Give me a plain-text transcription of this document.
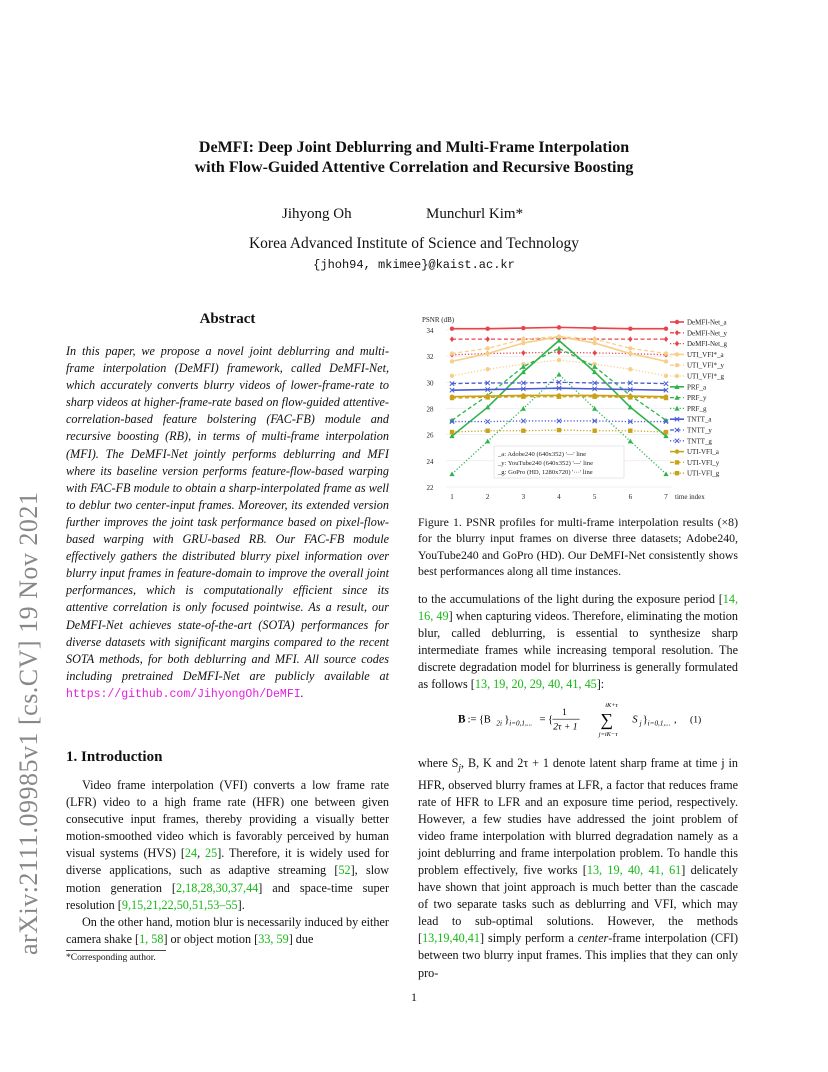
arXiv:2111.09985v1 [cs.CV] 19 Nov 2021
DeMFI: Deep Joint Deblurring and Multi-Frame Interpolation
with Flow-Guided Attentive Correlation and Recursive Boosting
Jihyong Oh	Munchurl Kim*
Korea Advanced Institute of Science and Technology
{jhoh94, mkimee}@kaist.ac.kr
Abstract
In this paper, we propose a novel joint deblurring and multi-frame interpolation (DeMFI) framework, called DeMFI-Net, which accurately converts blurry videos of lower-frame-rate to sharp videos at higher-frame-rate based on flow-guided attentive-correlation-based feature bolstering (FAC-FB) module and recursive boosting (RB), in terms of multi-frame interpolation (MFI). The DeMFI-Net jointly performs deblurring and MFI where its baseline version performs feature-flow-based warping with FAC-FB module to obtain a sharp-interpolated frame as well to deblur two center-input frames. Moreover, its extended version further improves the joint task performance based on pixel-flow-based warping with GRU-based RB. Our FAC-FB module effectively gathers the distributed blurry pixel information over blurry input frames in feature-domain to improve the overall joint performances, which is computationally efficient since its attentive correlation is only focused pointwise. As a result, our DeMFI-Net achieves state-of-the-art (SOTA) performances for diverse datasets with significant margins compared to the recent SOTA methods, for both deblurring and MFI. All source codes including pretrained DeMFI-Net are publicly available at https://github.com/JihyongOh/DeMFI.
1. Introduction

Video frame interpolation (VFI) converts a low frame rate (LFR) video to a high frame rate (HFR) one between given consecutive input frames, thereby providing a visually better motion-smoothed video which is favorably perceived by human visual systems (HVS) [24, 25]. Therefore, it is widely used for diverse applications, such as adaptive streaming [52], slow motion generation [2,18,28,30,37,44] and space-time super resolution [9,15,21,22,50,51,53–55].

On the other hand, motion blur is necessarily induced by either camera shake [1, 58] or object motion [33, 59] due

*Corresponding author.
PSNR (dB)
22
24
26
28
30
32
34
1	2	3	4	5	6	7 time index
DeMFI-Net_a
DeMFI-Net_y
DeMFI-Net_g
UTI_VFI*_a
UTI_VFI*_y
UTI_VFI*_g
PRF_a
PRF_y
PRF_g
TNTT_a
TNTT_y
TNTT_g
UTI-VFI_a
UTI-VFI_y
UTI-VFI_g
_a: Adobe240 (640x352) '—' line
_y: YouTube240 (640x352) '---' line
_g: GoPro (HD, 1280x720) '···' line
Figure 1. PSNR profiles for multi-frame interpolation results (×8) for the blurry input frames on diverse three datasets; Adobe240, YouTube240 and GoPro (HD). Our DeMFI-Net consistently shows best performances along all time instances.

to the accumulations of the light during the exposure period [14, 16, 49] when capturing videos. Therefore, eliminating the motion blur, called deblurring, is essential to synthesize sharp intermediate frames while increasing temporal resolution. The discrete degradation model for blurriness is generally formulated as follows [13, 19, 20, 29, 40, 41, 45]:

B := {B 2i } i=0,1,... = {
1
2τ + 1
iK+τ
∑
j=iK−τ
S j } i=0,1,... , (1)
where $S_j$, B, K and 2τ + 1 denote latent sharp frame at time j in HFR, observed blurry frames at LFR, a factor that reduces frame rate of HFR to LFR and an exposure time period, respectively. However, a few studies have addressed the joint problem of video frame interpolation with blurred degradation namely as a joint deblurring and frame interpolation problem. To handle this problem effectively, five works [13, 19, 40, 41, 61] delicately have shown that joint approach is much better than the cascade of two separate tasks such as deblurring and VFI, which may lead to sub-optimal solutions. However, the methods [13,19,40,41] simply perform a center-frame interpolation (CFI) between two blurry input frames. This implies that they can only pro-
1
